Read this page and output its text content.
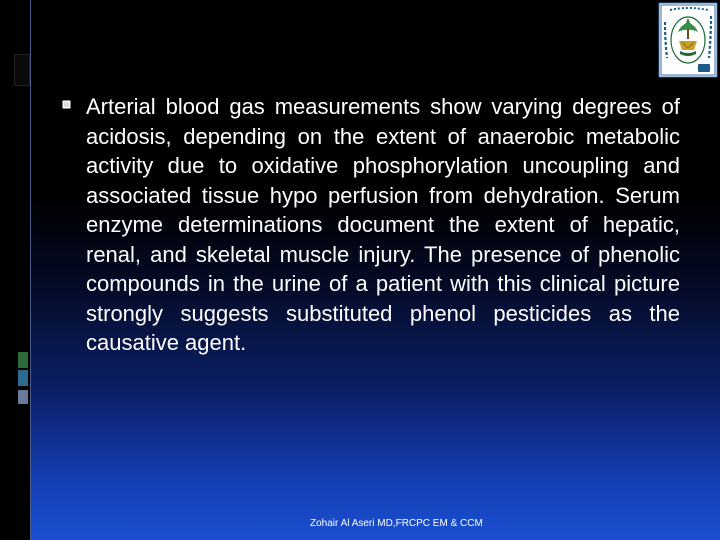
Arterial blood gas measurements show varying degrees of acidosis, depending on the extent of anaerobic metabolic activity due to oxidative phosphorylation uncoupling and associated tissue hypo perfusion from dehydration. Serum enzyme determinations document the extent of hepatic, renal, and skeletal muscle injury. The presence of phenolic compounds in the urine of a patient with this clinical picture strongly suggests substituted phenol pesticides as the causative agent.

Zohair Al Aseri MD,FRCPC EM & CCM
